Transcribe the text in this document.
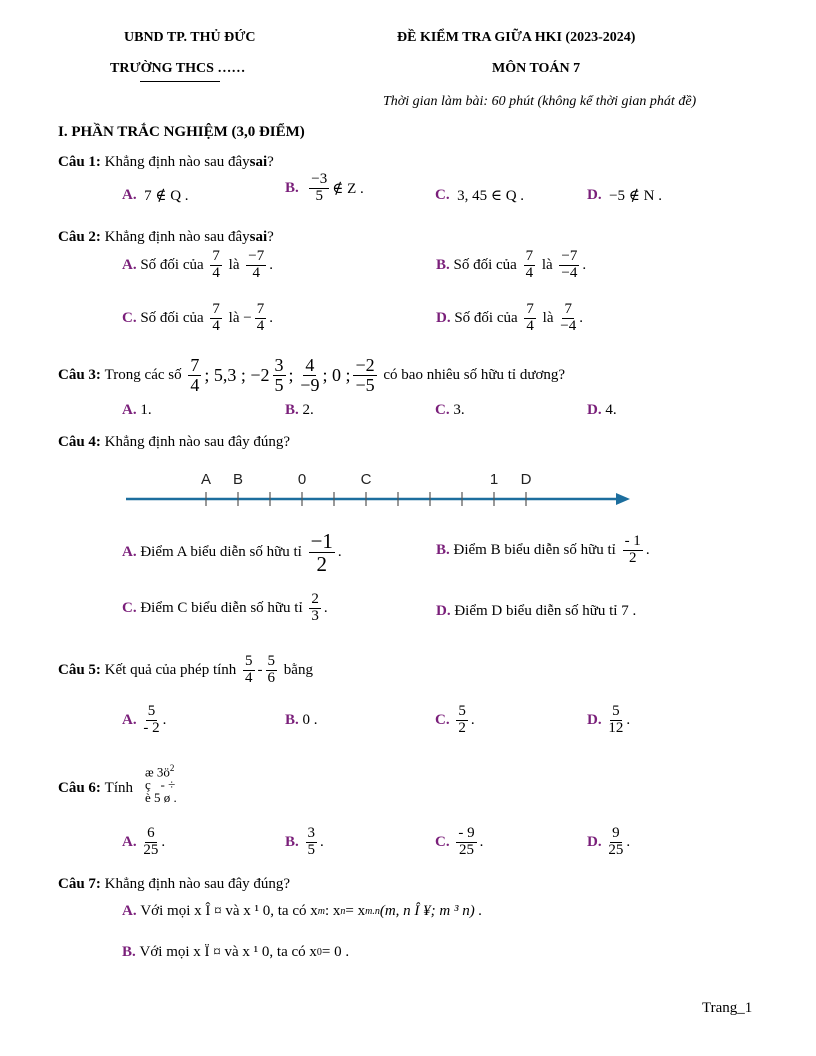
UBND TP. THỦ ĐỨC
TRƯỜNG THCS ……
ĐỀ KIỂM TRA GIỮA HKI (2023-2024)
MÔN TOÁN 7
Thời gian làm bài: 60 phút (không kể thời gian phát đề)
I. PHẦN TRẮC NGHIỆM (3,0 ĐIỂM)
Câu 1:
Khẳng định nào sau đây sai ?
A.
7 ∉ Q .
B.
$\frac{-3}{5}$ ∉ Z .	C.
3, 45 ∈ Q .	D.
−5 ∉ N .
Câu 2:
Khẳng định nào sau đây sai ?
A.
Số đối của
$\frac{7}{4}$
là
$\frac{-7}{4}$ .	B.
Số đối của
$\frac{7}{4}$
là
$\frac{-7}{-4}$ .
C.
Số đối của
$\frac{7}{4}$
là
− $\frac{7}{4}$ .	D.
Số đối của
$\frac{7}{4}$
là
$\frac{7}{-4}$ .
Câu 3:
Trong các số
$\frac{7}{4}$ ; 5,3 ; $-2 \frac{3}{5}$ ;
$\frac{4}{-9}$ ; 0 ; $\frac{-2}{-5}$
có bao nhiêu số hữu tỉ dương?
A.
1.	B.
2.	C.
3.	D.
4.
Câu 4:
Khẳng định nào sau đây đúng?
A B	0	C	1 D
A.
Điểm A biểu diễn số hữu tỉ
$\frac{-1}{2}$ .	B.
Điểm B biểu diễn số hữu tỉ
$\frac{- 1}{2}$ .
C.
Điểm C biểu diễn số hữu tỉ
$\frac{2}{3}$ .	D.
Điểm D biểu diễn số hữu tỉ 7 .
Câu 5:
Kết quả của phép tính
$\frac{5}{4} - \frac{5}{6}$
bằng
A.
$\frac{5}{- 2}$ .	B.
0 .	C.
$\frac{5}{2}$ .	D.
$\frac{5}{12}$ .
Câu 6: Tính
æ $3ö^2$
ç - ÷
è 5 ø .
A.
$\frac{6}{25}$ .	B.
$\frac{3}{5}$ .	C.
$\frac{- 9}{25}$ .	D.
$\frac{9}{25}$ .
Câu 7:
Khẳng định nào sau đây đúng?
A.
Với mọi x Î ¤ và x ¹ 0, ta có x m : x n = x m.n (m, n Î ¥; m ³ n) .
B.
Với mọi x Ï ¤ và x ¹ 0, ta có x 0 = 0 .
Trang_1
